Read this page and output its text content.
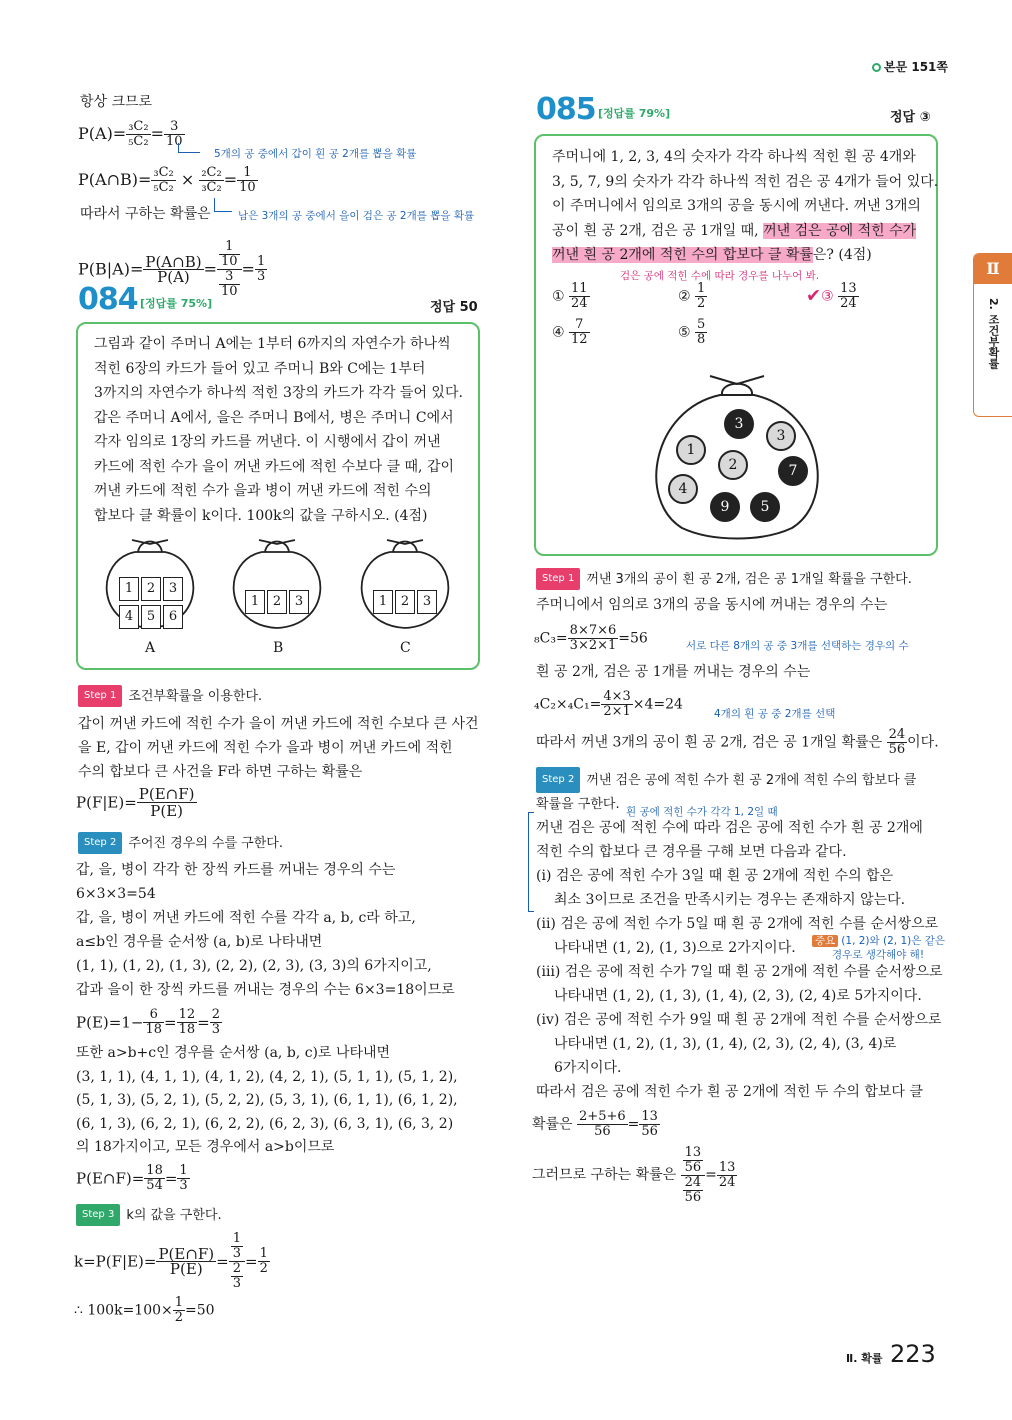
본문 151쪽
Ⅱ
2. 조건부확률
항상 크므로
$P(A)= \frac{\text{₃C₂}}{\text{₅C₂}} = \frac{3}{10}$
5개의 공 중에서 갑이 흰 공 2개를 뽑을 확률
P(A∩B)= $\frac{\text{₃C₂}}{\text{₅C₂}} \times \frac{\text{₂C₂}}{\text{₃C₂}} = \frac{1}{10}$
따라서 구하는 확률은	남은 3개의 공 중에서 을이 검은 공 2개를 뽑을 확률
$P(B|A)= \frac{P(A\cap B)}{P(A)} = \frac{\frac{1}{10}}{\frac{3}{10}} = \frac{1}{3}$
084 [정답률 75%]	정답 50
그림과 같이 주머니 A에는 1부터 6까지의 자연수가 하나씩
적힌 6장의 카드가 들어 있고 주머니 B와 C에는 1부터
3까지의 자연수가 하나씩 적힌 3장의 카드가 각각 들어 있다.
갑은 주머니 A에서, 을은 주머니 B에서, 병은 주머니 C에서
각자 임의로 1장의 카드를 꺼낸다. 이 시행에서 갑이 꺼낸
카드에 적힌 수가 을이 꺼낸 카드에 적힌 수보다 클 때, 갑이
꺼낸 카드에 적힌 수가 을과 병이 꺼낸 카드에 적힌 수의
합보다 클 확률이 k이다. 100k의 값을 구하시오. (4점)
1	2	3
4	5	6
1	2	3	1	2	3
A	B	C
Step 1 조건부확률을 이용한다.
갑이 꺼낸 카드에 적힌 수가 을이 꺼낸 카드에 적힌 수보다 큰 사건
을 E, 갑이 꺼낸 카드에 적힌 수가 을과 병이 꺼낸 카드에 적힌
수의 합보다 큰 사건을 F라 하면 구하는 확률은
$P(F|E)= \frac{P(E\cap F)}{P(E)}$
Step 2 주어진 경우의 수를 구한다.
갑, 을, 병이 각각 한 장씩 카드를 꺼내는 경우의 수는
6×3×3=54
갑, 을, 병이 꺼낸 카드에 적힌 수를 각각 a, b, c라 하고,
a≤b인 경우를 순서쌍 (a, b)로 나타내면
(1, 1), (1, 2), (1, 3), (2, 2), (2, 3), (3, 3)의 6가지이고,
갑과 을이 한 장씩 카드를 꺼내는 경우의 수는 6×3=18이므로
$P(E)=1- \frac{6}{18} = \frac{12}{18} = \frac{2}{3}$
또한 a>b+c인 경우를 순서쌍 (a, b, c)로 나타내면
(3, 1, 1), (4, 1, 1), (4, 1, 2), (4, 2, 1), (5, 1, 1), (5, 1, 2),
(5, 1, 3), (5, 2, 1), (5, 2, 2), (5, 3, 1), (6, 1, 1), (6, 1, 2),
(6, 1, 3), (6, 2, 1), (6, 2, 2), (6, 2, 3), (6, 3, 1), (6, 3, 2)
의 18가지이고, 모든 경우에서 a>b이므로
P(E∩F)= $\frac{18}{54} = \frac{1}{3}$
Step 3 k의 값을 구한다.
$k=P(F|E)= \frac{P(E\cap F)}{P(E)} = \frac{\frac{1}{3}}{\frac{2}{3}} = \frac{1}{2}$
∴ $100k=100\times \frac{1}{2} =50$
085 [정답률 79%]	정답 ③
주머니에 1, 2, 3, 4의 숫자가 각각 하나씩 적힌 흰 공 4개와
3, 5, 7, 9의 숫자가 각각 하나씩 적힌 검은 공 4개가 들어 있다.
이 주머니에서 임의로 3개의 공을 동시에 꺼낸다. 꺼낸 3개의
공이 흰 공 2개, 검은 공 1개일 때, 꺼낸 검은 공에 적힌 수가
꺼낸 흰 공 2개에 적힌 수의 합보다 클 확률은? (4점)
검은 공에 적힌 수에 따라 경우를 나누어 봐.
① $\frac{11}{24}$	② $\frac{1}{2}$	✔③ $\frac{13}{24}$
④ $\frac{7}{12}$	⑤ $\frac{5}{8}$
3
3
1
2	7
4
9	5
Step 1 꺼낸 3개의 공이 흰 공 2개, 검은 공 1개일 확률을 구한다.
주머니에서 임의로 3개의 공을 동시에 꺼내는 경우의 수는
$_8C_3= \frac{8\times 7\times 6}{3\times 2\times 1} =56$	서로 다른 8개의 공 중 3개를 선택하는 경우의 수
흰 공 2개, 검은 공 1개를 꺼내는 경우의 수는
$_4C_2\times_4C_1= \frac{4\times 3}{2\times 1} \times 4=24$
4개의 흰 공 중 2개를 선택
따라서 꺼낸 3개의 공이 흰 공 2개, 검은 공 1개일 확률은 $\frac{24}{56}$ 이다.
Step 2 꺼낸 검은 공에 적힌 수가 흰 공 2개에 적힌 수의 합보다 클
확률을 구한다. 흰 공에 적힌 수가 각각 1, 2일 때
꺼낸 검은 공에 적힌 수에 따라 검은 공에 적힌 수가 흰 공 2개에
적힌 수의 합보다 큰 경우를 구해 보면 다음과 같다.
(ⅰ) 검은 공에 적힌 수가 3일 때 흰 공 2개에 적힌 수의 합은
최소 3이므로 조건을 만족시키는 경우는 존재하지 않는다.
(ⅱ) 검은 공에 적힌 수가 5일 때 흰 공 2개에 적힌 수를 순서쌍으로
나타내면 (1, 2), (1, 3)으로 2가지이다.
(ⅲ) 검은 공에 적힌 수가 7일 때 흰 공 2개에 적힌 수를 순서쌍으로
나타내면 (1, 2), (1, 3), (1, 4), (2, 3), (2, 4)로 5가지이다.
(ⅳ) 검은 공에 적힌 수가 9일 때 흰 공 2개에 적힌 수를 순서쌍으로
나타내면 (1, 2), (1, 3), (1, 4), (2, 3), (2, 4), (3, 4)로
6가지이다.
따라서 검은 공에 적힌 수가 흰 공 2개에 적힌 두 수의 합보다 클
중요 (1, 2)와 (2, 1)은 같은
경우로 생각해야 해!
확률은 $\frac{2+5+6}{56} = \frac{13}{56}$
그러므로 구하는 확률은 $\frac{\frac{13}{56}}{\frac{24}{56}} = \frac{13}{24}$
Ⅱ. 확률 223
